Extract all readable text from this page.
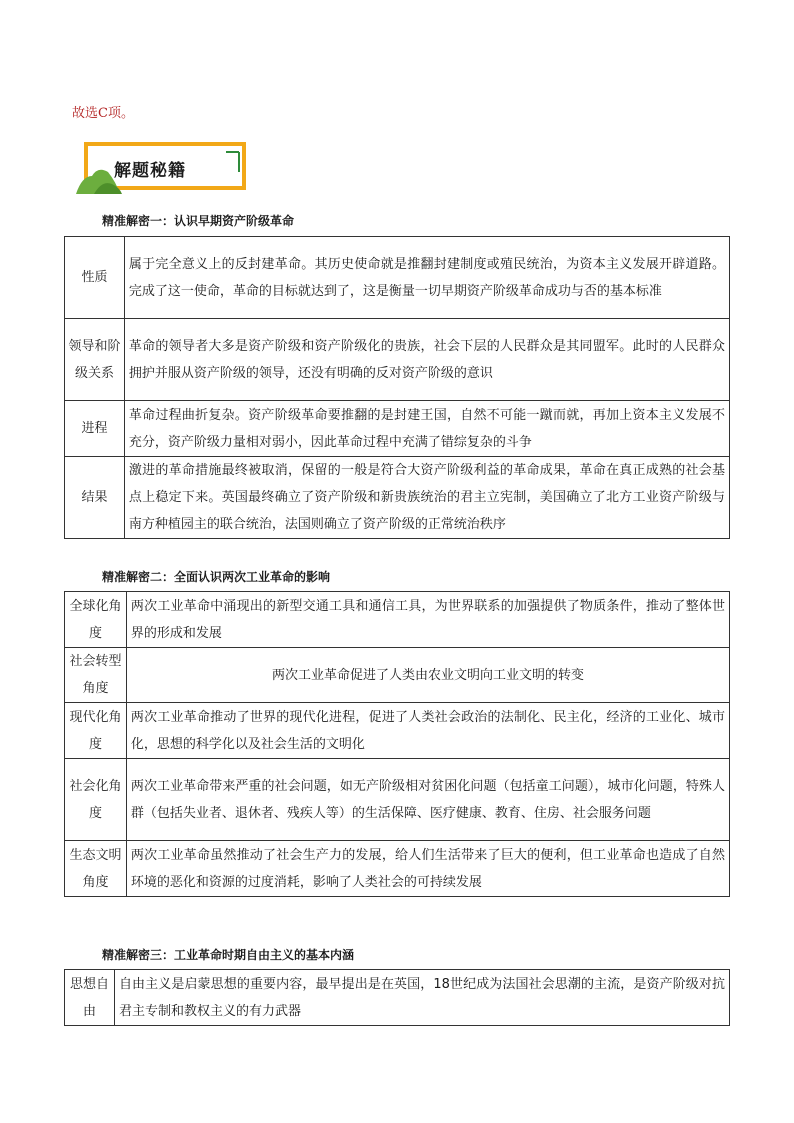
故选C项。
解题秘籍
精准解密一：认识早期资产阶级革命
性质	属于完全意义上的反封建革命。其历史使命就是推翻封建制度或殖民统治，为资本主义发展开辟道路。完成了这一使命，革命的目标就达到了，这是衡量一切早期资产阶级革命成功与否的基本标准
领导和阶级关系	革命的领导者大多是资产阶级和资产阶级化的贵族，社会下层的人民群众是其同盟军。此时的人民群众拥护并服从资产阶级的领导，还没有明确的反对资产阶级的意识
进程	革命过程曲折复杂。资产阶级革命要推翻的是封建王国，自然不可能一蹴而就，再加上资本主义发展不充分，资产阶级力量相对弱小，因此革命过程中充满了错综复杂的斗争
结果	激进的革命措施最终被取消，保留的一般是符合大资产阶级利益的革命成果，革命在真正成熟的社会基点上稳定下来。英国最终确立了资产阶级和新贵族统治的君主立宪制，美国确立了北方工业资产阶级与南方种植园主的联合统治，法国则确立了资产阶级的正常统治秩序
精准解密二：全面认识两次工业革命的影响
全球化角度	两次工业革命中涌现出的新型交通工具和通信工具，为世界联系的加强提供了物质条件，推动了整体世界的形成和发展
社会转型角度	两次工业革命促进了人类由农业文明向工业文明的转变
现代化角度	两次工业革命推动了世界的现代化进程，促进了人类社会政治的法制化、民主化，经济的工业化、城市化，思想的科学化以及社会生活的文明化
社会化角度	两次工业革命带来严重的社会问题，如无产阶级相对贫困化问题（包括童工问题），城市化问题，特殊人群（包括失业者、退休者、残疾人等）的生活保障、医疗健康、教育、住房、社会服务问题
生态文明角度	两次工业革命虽然推动了社会生产力的发展，给人们生活带来了巨大的便利，但工业革命也造成了自然环境的恶化和资源的过度消耗，影响了人类社会的可持续发展
精准解密三：工业革命时期自由主义的基本内涵
思想自由	自由主义是启蒙思想的重要内容，最早提出是在英国，18世纪成为法国社会思潮的主流，是资产阶级对抗君主专制和教权主义的有力武器
